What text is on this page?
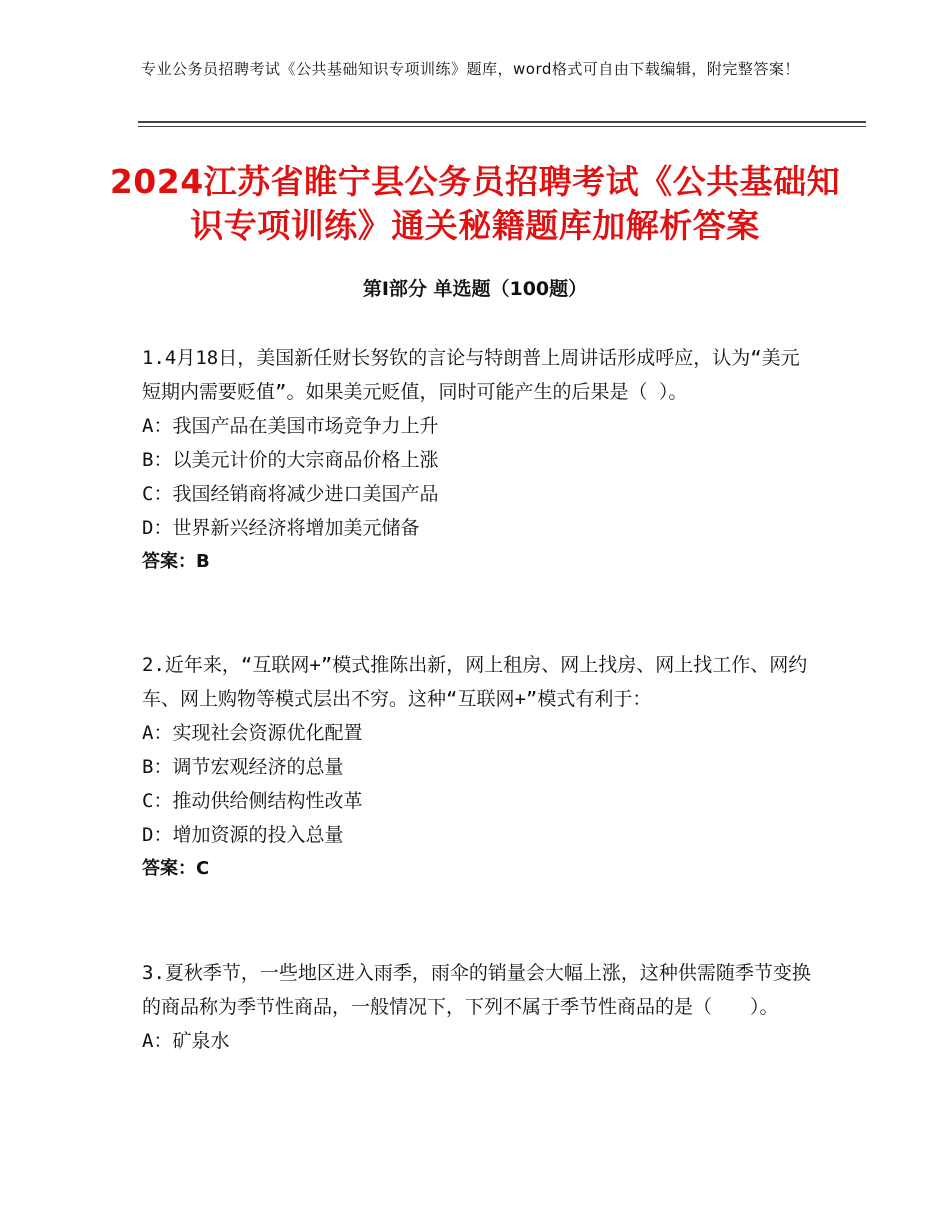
专业公务员招聘考试《公共基础知识专项训练》题库，word格式可自由下载编辑，附完整答案！
2024江苏省睢宁县公务员招聘考试《公共基础知识专项训练》通关秘籍题库加解析答案
第Ⅰ部分 单选题（100题）
1.4月18日，美国新任财长努钦的言论与特朗普上周讲话形成呼应，认为“美元短期内需要贬值”。如果美元贬值，同时可能产生的后果是（ ）。
A：我国产品在美国市场竞争力上升
B：以美元计价的大宗商品价格上涨
C：我国经销商将减少进口美国产品
D：世界新兴经济将增加美元储备
答案：B
2.近年来，“互联网+”模式推陈出新，网上租房、网上找房、网上找工作、网约车、网上购物等模式层出不穷。这种“互联网+”模式有利于：
A：实现社会资源优化配置
B：调节宏观经济的总量
C：推动供给侧结构性改革
D：增加资源的投入总量
答案：C
3.夏秋季节，一些地区进入雨季，雨伞的销量会大幅上涨，这种供需随季节变换的商品称为季节性商品，一般情况下，下列不属于季节性商品的是（　　）。
A：矿泉水
